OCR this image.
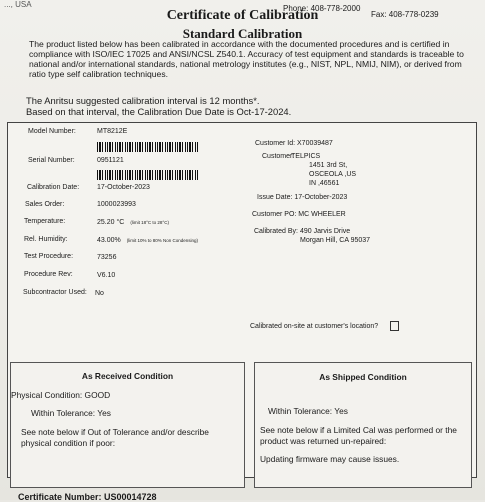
..., USA	Phone: 408-778-2000
Fax: 408-778-0239
Certificate of Calibration
Standard Calibration
The product listed below has been calibrated in accordance with the documented procedures and is certified in
compliance with ISO/IEC 17025 and ANSI/NCSL Z540.1. Accuracy of test equipment and standards is traceable to
national and/or international standards, national metrology institutes (e.g., NIST, NPL, NMIJ, NIM), or derived from
ratio type self calibration techniques.
The Anritsu suggested calibration interval is 12 months*.
Based on that interval, the Calibration Due Date is Oct-17-2024.
Model Number:	MT8212E
Serial Number:	0951121
Calibration Date:	17-October-2023
Sales Order:	1000023993
Temperature:	25.20 °C (limit 18°C to 28°C)
Rel. Humidity:	43.00% (limit 10% to 80% Non Condensing)
Test Procedure:	73256
Procedure Rev:	V6.10
Subcontractor Used: No
Customer Id: X70039487
Customer:
TELPICS
1451 3rd St,
OSCEOLA ,US
IN ,46561
Issue Date: 17-October-2023
Customer PO: MC WHEELER
Calibrated By: 490 Jarvis Drive
Morgan Hill, CA 95037
Calibrated on-site at customer's location?
As Received Condition
Physical Condition: GOOD
Within Tolerance: Yes
See note below if Out of Tolerance and/or describe
physical condition if poor:
As Shipped Condition
Within Tolerance: Yes
See note below if a Limited Cal was performed or the
product was returned un-repaired:
Updating firmware may cause issues.
Certificate Number: US00014728
